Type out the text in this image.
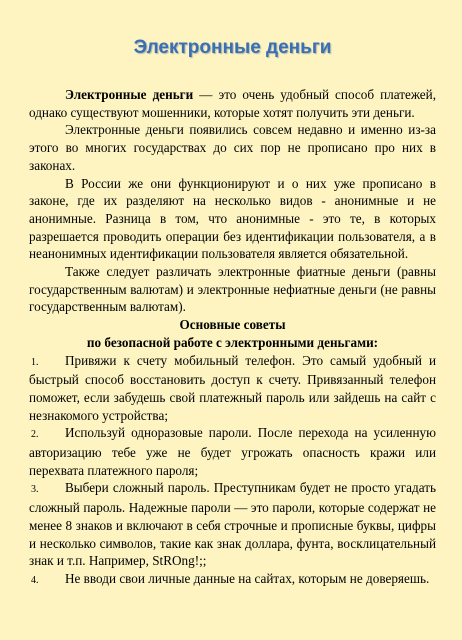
Электронные деньги

Электронные деньги — это очень удобный способ платежей, однако существуют мошенники, которые хотят получить эти деньги.

Электронные деньги появились совсем недавно и именно из-за этого во многих государствах до сих пор не прописано про них в законах.

В России же они функционируют и о них уже прописано в законе, где их разделяют на несколько видов - анонимные и не анонимные. Разница в том, что анонимные - это те, в которых разрешается проводить операции без идентификации пользователя, а в неанонимных идентификации пользователя является обязательной.

Также следует различать электронные фиатные деньги (равны государственным валютам) и электронные нефиатные деньги (не равны государственным валютам).

Основные советы

по безопасной работе с электронными деньгами:

1. Привяжи к счету мобильный телефон. Это самый удобный и быстрый способ восстановить доступ к счету. Привязанный телефон поможет, если забудешь свой платежный пароль или зайдешь на сайт с незнакомого устройства;
2. Используй одноразовые пароли. После перехода на усиленную авторизацию тебе уже не будет угрожать опасность кражи или перехвата платежного пароля;
3. Выбери сложный пароль. Преступникам будет не просто угадать сложный пароль. Надежные пароли — это пароли, которые содержат не менее 8 знаков и включают в себя строчные и прописные буквы, цифры и несколько символов, такие как знак доллара, фунта, восклицательный знак и т.п. Например, StROng!;;
4. Не вводи свои личные данные на сайтах, которым не доверяешь.
